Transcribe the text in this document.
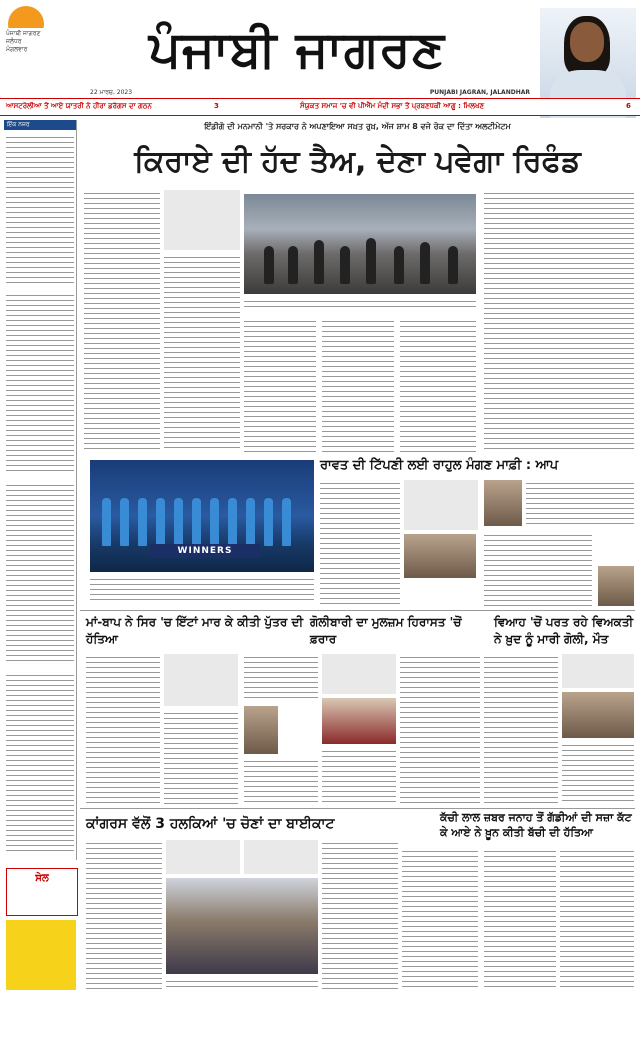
ਪੰਜਾਬੀ ਜਾਗਰਣ
ਜਲੰਧਰ
ਮੰਗਲਵਾਰ	ਪੰਜਾਬੀ ਜਾਗਰਣ
22 ਮਾਰਚ, 2023	PUNJABI JAGRAN, JALANDHAR
ਆਸਟਰੇਲੀਆ ਤੋਂ ਆਏ ਯਾਤਰੀ ਨੇ ਹੀਰਾ ਡਰੱਗਸ ਦਾ ਗਠਨ	3	ਸੰਯੁਕਤ ਸਮਾਜ 'ਚ ਵੀ ਪੀਐੱਮ ਮੰਦੀ ਸਭਾ ਤੋਂ ਪ੍ਰਬਣਧਕੀ ਆਗੂ : ਮਿਲਖਣ	6
ਇੱਕ ਨਜ਼ਰ
ਸੇਲ
ਇੰਡੀਗੋ ਦੀ ਮਨਮਾਨੀ 'ਤੇ ਸਰਕਾਰ ਨੇ ਅਪਣਾਇਆ ਸਖ਼ਤ ਰੁਖ਼, ਅੱਜ ਸ਼ਾਮ 8 ਵਜੇ ਰੋਕ ਦਾ ਦਿੱਤਾ ਅਲਟੀਮੇਟਮ
ਕਿਰਾਏ ਦੀ ਹੱਦ ਤੈਅ, ਦੇਣਾ ਪਵੇਗਾ ਰਿਫੰਡ
WINNERS
ਰਾਵਤ ਦੀ ਟਿੱਪਣੀ ਲਈ ਰਾਹੁਲ ਮੰਗਣ ਮਾਫ਼ੀ : ਆਪ
ਮਾਂ-ਬਾਪ ਨੇ ਸਿਰ 'ਚ ਇੱਟਾਂ ਮਾਰ ਕੇ ਕੀਤੀ ਪੁੱਤਰ ਦੀ ਹੱਤਿਆ
ਗੋਲੀਬਾਰੀ ਦਾ ਮੁਲਜ਼ਮ ਹਿਰਾਸਤ 'ਚੋਂ ਫ਼ਰਾਰ
ਵਿਆਹ 'ਚੋਂ ਪਰਤ ਰਹੇ ਵਿਅਕਤੀ ਨੇ ਖ਼ੁਦ ਨੂੰ ਮਾਰੀ ਗੋਲੀ, ਮੌਤ
ਕਾਂਗਰਸ ਵੱਲੋਂ 3 ਹਲਕਿਆਂ 'ਚ ਚੋਣਾਂ ਦਾ ਬਾਈਕਾਟ	ਕੱਚੀ ਲਾਲ ਜ਼ਬਰ ਜਨਾਹ ਤੋਂ ਗੱਡੀਆਂ ਦੀ ਸਜ਼ਾ ਕੱਟ ਕੇ ਆਏ ਨੇ ਖ਼ੂਨ ਕੀਤੀ ਬੱਚੀ ਦੀ ਹੱਤਿਆ
